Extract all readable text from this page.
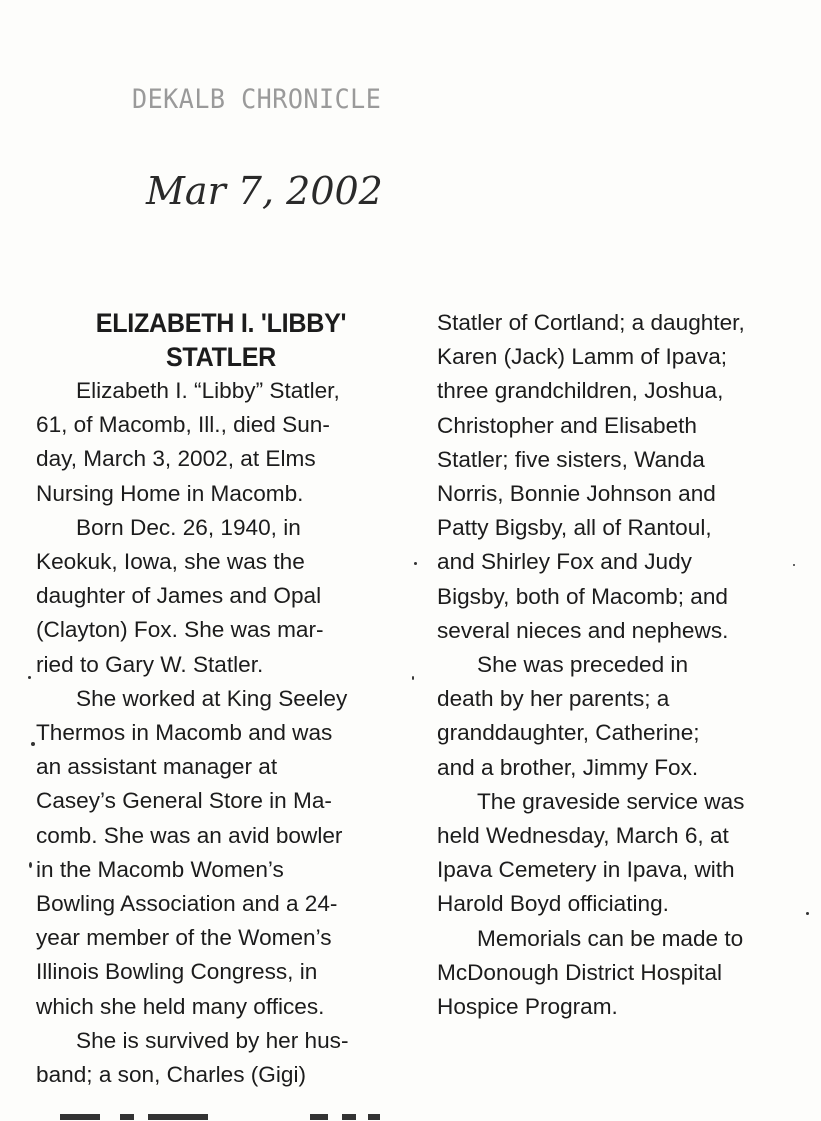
DEKALB CHRONICLE
Mar 7, 2002
ELIZABETH I. 'LIBBY'
STATLER
Elizabeth I. “Libby” Statler,
61, of Macomb, Ill., died Sun-
day, March 3, 2002, at Elms
Nursing Home in Macomb.
Born Dec. 26, 1940, in
Keokuk, Iowa, she was the
daughter of James and Opal
(Clayton) Fox. She was mar-
ried to Gary W. Statler.
She worked at King Seeley
Thermos in Macomb and was
an assistant manager at
Casey’s General Store in Ma-
comb. She was an avid bowler
in the Macomb Women’s
Bowling Association and a 24-
year member of the Women’s
Illinois Bowling Congress, in
which she held many offices.
She is survived by her hus-
band; a son, Charles (Gigi)
Statler of Cortland; a daughter,
Karen (Jack) Lamm of Ipava;
three grandchildren, Joshua,
Christopher and Elisabeth
Statler; five sisters, Wanda
Norris, Bonnie Johnson and
Patty Bigsby, all of Rantoul,
and Shirley Fox and Judy
Bigsby, both of Macomb; and
several nieces and nephews.
She was preceded in
death by her parents; a
granddaughter, Catherine;
and a brother, Jimmy Fox.
The graveside service was
held Wednesday, March 6, at
Ipava Cemetery in Ipava, with
Harold Boyd officiating.
Memorials can be made to
McDonough District Hospital
Hospice Program.
